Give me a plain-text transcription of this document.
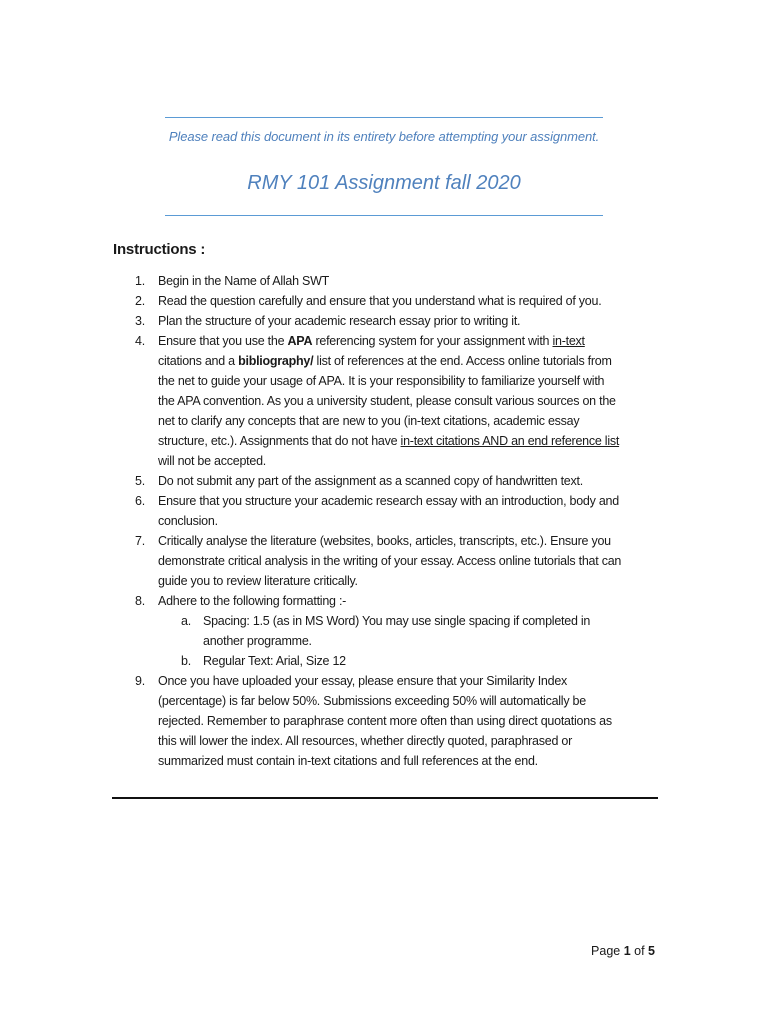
Please read this document in its entirety before attempting your assignment.
RMY 101 Assignment fall 2020
Instructions :
1.	Begin in the Name of Allah SWT
2.	Read the question carefully and ensure that you understand what is required of you.
3.	Plan the structure of your academic research essay prior to writing it.
4.	Ensure that you use the APA referencing system for your assignment with in-text
citations and a bibliography/ list of references at the end. Access online tutorials from
the net to guide your usage of APA. It is your responsibility to familiarize yourself with
the APA convention. As you a university student, please consult various sources on the
net to clarify any concepts that are new to you (in-text citations, academic essay
structure, etc.). Assignments that do not have in-text citations AND an end reference list
will not be accepted.
5.	Do not submit any part of the assignment as a scanned copy of handwritten text.
6.	Ensure that you structure your academic research essay with an introduction, body and
conclusion.
7.	Critically analyse the literature (websites, books, articles, transcripts, etc.). Ensure you
demonstrate critical analysis in the writing of your essay. Access online tutorials that can
guide you to review literature critically.
8.	Adhere to the following formatting :-
a. Spacing: 1.5 (as in MS Word) You may use single spacing if completed in
another programme.
b. Regular Text: Arial, Size 12
9.	Once you have uploaded your essay, please ensure that your Similarity Index
(percentage) is far below 50%. Submissions exceeding 50% will automatically be
rejected. Remember to paraphrase content more often than using direct quotations as
this will lower the index. All resources, whether directly quoted, paraphrased or
summarized must contain in-text citations and full references at the end.
Page 1 of 5
